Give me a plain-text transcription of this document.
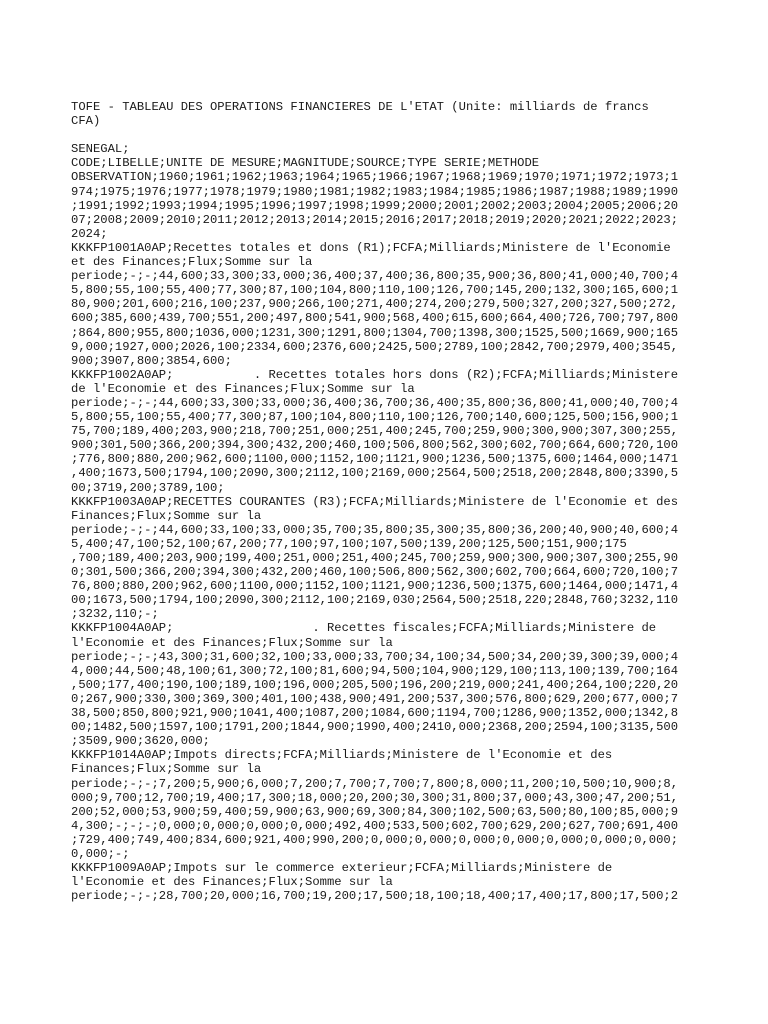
TOFE - TABLEAU DES OPERATIONS FINANCIERES DE L'ETAT (Unite: milliards de francs
CFA)
SENEGAL;
CODE;LIBELLE;UNITE DE MESURE;MAGNITUDE;SOURCE;TYPE SERIE;METHODE
OBSERVATION;1960;1961;1962;1963;1964;1965;1966;1967;1968;1969;1970;1971;1972;1973;1
974;1975;1976;1977;1978;1979;1980;1981;1982;1983;1984;1985;1986;1987;1988;1989;1990
;1991;1992;1993;1994;1995;1996;1997;1998;1999;2000;2001;2002;2003;2004;2005;2006;20
07;2008;2009;2010;2011;2012;2013;2014;2015;2016;2017;2018;2019;2020;2021;2022;2023;
2024;
KKKFP1001A0AP;Recettes totales et dons (R1);FCFA;Milliards;Ministere de l'Economie
et des Finances;Flux;Somme sur la
periode;-;-;44,600;33,300;33,000;36,400;37,400;36,800;35,900;36,800;41,000;40,700;4
5,800;55,100;55,400;77,300;87,100;104,800;110,100;126,700;145,200;132,300;165,600;1
80,900;201,600;216,100;237,900;266,100;271,400;274,200;279,500;327,200;327,500;272,
600;385,600;439,700;551,200;497,800;541,900;568,400;615,600;664,400;726,700;797,800
;864,800;955,800;1036,000;1231,300;1291,800;1304,700;1398,300;1525,500;1669,900;165
9,000;1927,000;2026,100;2334,600;2376,600;2425,500;2789,100;2842,700;2979,400;3545,
900;3907,800;3854,600;
KKKFP1002A0AP;           . Recettes totales hors dons (R2);FCFA;Milliards;Ministere
de l'Economie et des Finances;Flux;Somme sur la
periode;-;-;44,600;33,300;33,000;36,400;36,700;36,400;35,800;36,800;41,000;40,700;4
5,800;55,100;55,400;77,300;87,100;104,800;110,100;126,700;140,600;125,500;156,900;1
75,700;189,400;203,900;218,700;251,000;251,400;245,700;259,900;300,900;307,300;255,
900;301,500;366,200;394,300;432,200;460,100;506,800;562,300;602,700;664,600;720,100
;776,800;880,200;962,600;1100,000;1152,100;1121,900;1236,500;1375,600;1464,000;1471
,400;1673,500;1794,100;2090,300;2112,100;2169,000;2564,500;2518,200;2848,800;3390,5
00;3719,200;3789,100;
KKKFP1003A0AP;RECETTES COURANTES (R3);FCFA;Milliards;Ministere de l'Economie et des
Finances;Flux;Somme sur la
periode;-;-;44,600;33,100;33,000;35,700;35,800;35,300;35,800;36,200;40,900;40,600;4
5,400;47,100;52,100;67,200;77,100;97,100;107,500;139,200;125,500;151,900;175
,700;189,400;203,900;199,400;251,000;251,400;245,700;259,900;300,900;307,300;255,90
0;301,500;366,200;394,300;432,200;460,100;506,800;562,300;602,700;664,600;720,100;7
76,800;880,200;962,600;1100,000;1152,100;1121,900;1236,500;1375,600;1464,000;1471,4
00;1673,500;1794,100;2090,300;2112,100;2169,030;2564,500;2518,220;2848,760;3232,110
;3232,110;-;
KKKFP1004A0AP;                   . Recettes fiscales;FCFA;Milliards;Ministere de
l'Economie et des Finances;Flux;Somme sur la
periode;-;-;43,300;31,600;32,100;33,000;33,700;34,100;34,500;34,200;39,300;39,000;4
4,000;44,500;48,100;61,300;72,100;81,600;94,500;104,900;129,100;113,100;139,700;164
,500;177,400;190,100;189,100;196,000;205,500;196,200;219,000;241,400;264,100;220,20
0;267,900;330,300;369,300;401,100;438,900;491,200;537,300;576,800;629,200;677,000;7
38,500;850,800;921,900;1041,400;1087,200;1084,600;1194,700;1286,900;1352,000;1342,8
00;1482,500;1597,100;1791,200;1844,900;1990,400;2410,000;2368,200;2594,100;3135,500
;3509,900;3620,000;
KKKFP1014A0AP;Impots directs;FCFA;Milliards;Ministere de l'Economie et des
Finances;Flux;Somme sur la
periode;-;-;7,200;5,900;6,000;7,200;7,700;7,700;7,800;8,000;11,200;10,500;10,900;8,
000;9,700;12,700;19,400;17,300;18,000;20,200;30,300;31,800;37,000;43,300;47,200;51,
200;52,000;53,900;59,400;59,900;63,900;69,300;84,300;102,500;63,500;80,100;85,000;9
4,300;-;-;-;0,000;0,000;0,000;0,000;492,400;533,500;602,700;629,200;627,700;691,400
;729,400;749,400;834,600;921,400;990,200;0,000;0,000;0,000;0,000;0,000;0,000;0,000;
0,000;-;
KKKFP1009A0AP;Impots sur le commerce exterieur;FCFA;Milliards;Ministere de
l'Economie et des Finances;Flux;Somme sur la
periode;-;-;28,700;20,000;16,700;19,200;17,500;18,100;18,400;17,400;17,800;17,500;2
